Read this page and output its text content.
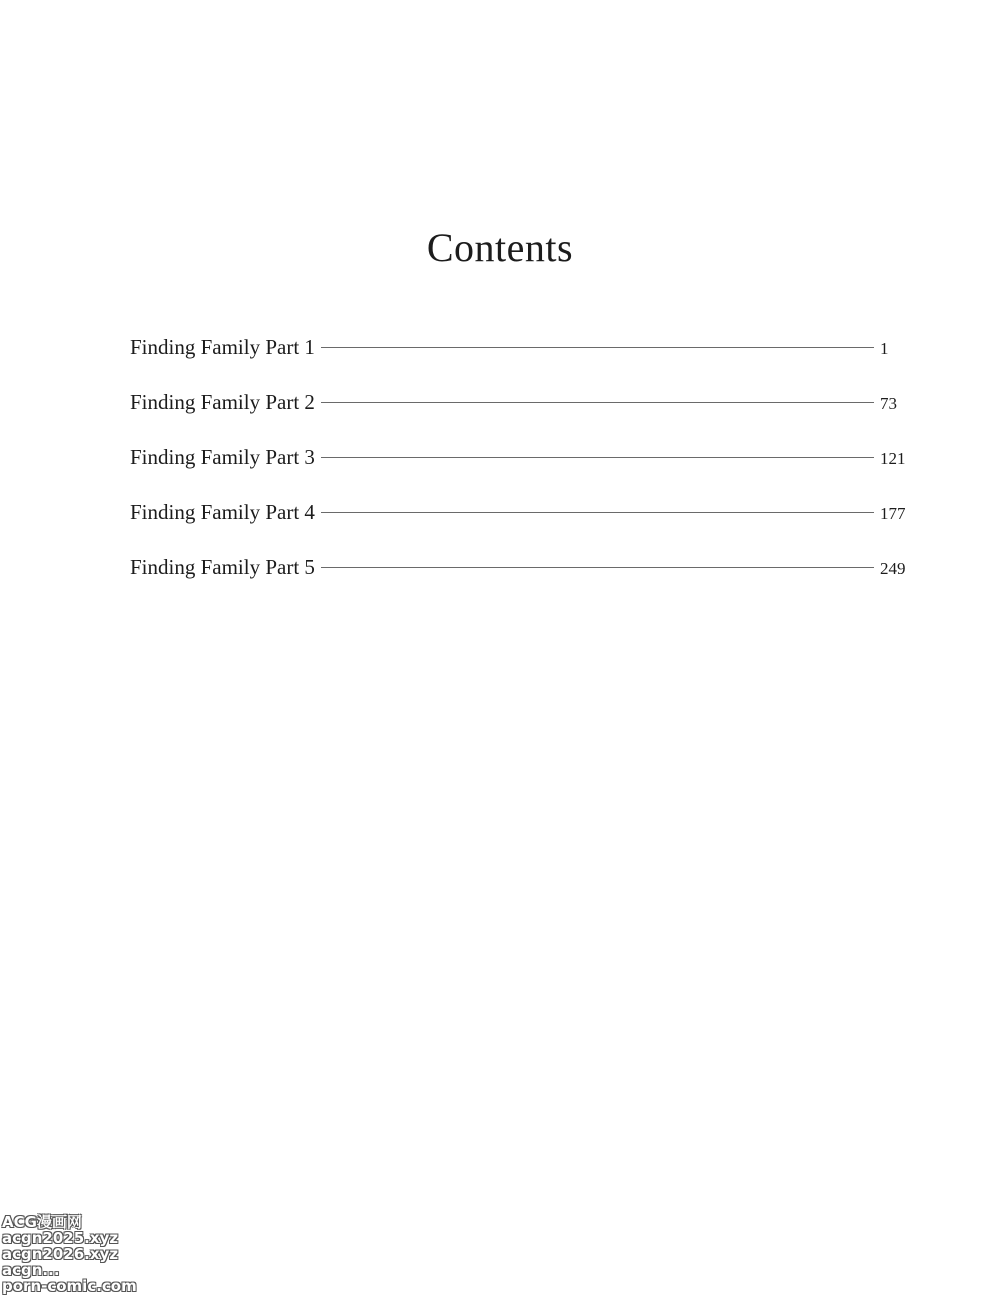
Contents
Finding Family Part 1	1
Finding Family Part 2	73
Finding Family Part 3	121
Finding Family Part 4	177
Finding Family Part 5	249
ACG漫画网
acgn2025.xyz
acgn2026.xyz
acgn...
porn-comic.com
